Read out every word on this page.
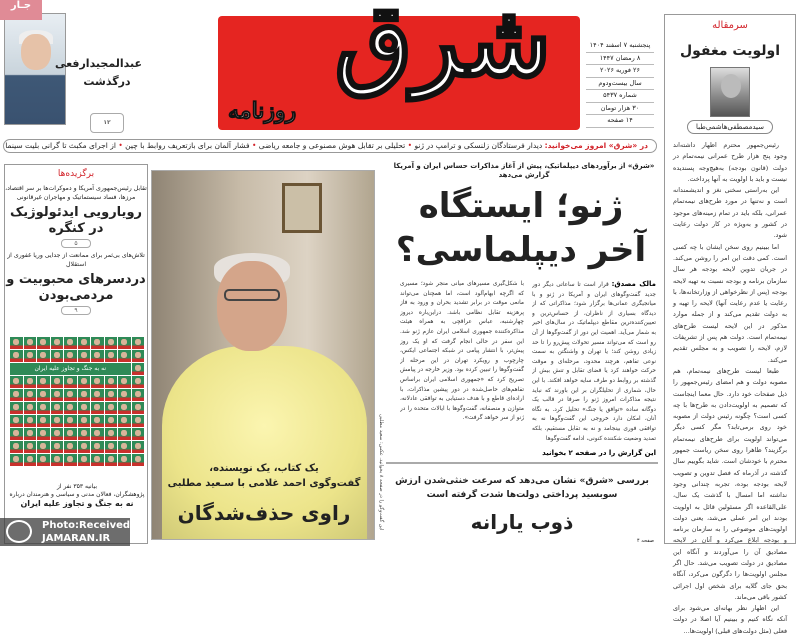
شرق
روزنامه
پنجشنبه ۷ اسفند ۱۴۰۴
۸ رمضان ۱۴۴۷
۲۶ فوریه ۲۰۲۶
سال بیست‌ودوم
شماره ۵۴۳۷
۳۰ هزار تومان
۱۴ صفحه
جـار
عبدالمجیدارفعی
درگذشت
۱۲
سرمقاله
اولویت مغفول
سیدمصطفی‌هاشمی‌طبا

رئیس‌جمهور محترم اظهار داشته‌اند وجود پنج هزار طرح عمرانی نیمه‌تمام در دولت (قانون بودجه) به‌هیچ‌وجه پسندیده نیست و باید با اولویت به آنها پرداخت.

این به‌راستی سخنی نغز و اندیشمندانه است و نه‌تنها در مورد طرح‌های نیمه‌تمام عمرانی، بلکه باید در تمام زمینه‌های موجود در کشور و به‌ویژه در کار دولت رعایت شود.

اما ببینیم روی سخن ایشان با چه کسی است. کمی دقت این امر را روشن می‌کند. در جریان تدوین لایحه بودجه هر سال سازمان برنامه و بودجه نسبت به تهیه لایحه بودجه (پس از نظرخواهی از وزارتخانه‌ها، با رعایت یا عدم رعایت آنها) لایحه را تهیه و به دولت تقدیم می‌کند و از جمله موارد مذکور در این لایحه لیست طرح‌های نیمه‌تمام است. دولت هم پس از تشریفات لازم، لایحه را تصویب و به مجلس تقدیم می‌کند.

طبعا لیست طرح‌های نیمه‌تمام، هم مصوبه دولت و هم امضای رئیس‌جمهور را ذیل صفحات خود دارد. حال معما اینجاست که تصمیم به اولویت‌دادن به طرح‌ها با چه کسی است؟ چگونه رئیس دولت از مصوبه خود روی برمی‌تابد؟ مگر کسی دیگر می‌تواند اولویت برای طرح‌های نیمه‌تمام برگزیند؟ ظاهرا روی سخن ریاست جمهور محترم با خودشان است. شاید بگوییم سال گذشته در آذرماه که فصل تدوین و تصویب لایحه بودجه بوده، تجربه چندانی وجود نداشته اما امسال با گذشت یک سال، علی‌القاعده اگر مسئولین قائل به اولویت بودند این امر عملی می‌شد، یعنی دولت اولویت‌های موضوعی را به سازمان برنامه و بودجه ابلاغ می‌کرد و آنان در لایحه مصادیق آن را می‌آوردند و آنگاه این مصادیق در دولت تصویب می‌شد. حال اگر مجلس اولویت‌ها را دگرگون می‌کرد، آنگاه بحق جای گلایه برای شخص اول اجرائی کشور باقی می‌ماند.

این اظهار نظر بهانه‌ای می‌شود برای آنکه نگاه کنیم و ببینیم آیا اصلا در دولت فعلی (مثل دولت‌های قبلی) اولویت‌ها...

در «شرق» امروز می‌خوانید: دیدار فرستادگان زلنسکی و ترامپ در ژنو • تحلیلی بر تقابل هوش مصنوعی و جامعه ریاضی • فشار آلمان برای بازتعریف روابط با چین • از اجرای مکبث تا گرانی بلیت سینما
«شرق» از برآوردهای دیپلماتیک، پیش از آغاز مذاکرات حساس ایران و آمریکا گزارش می‌دهد
ژنو؛ ایستگاه آخر دیپلماسی؟
مالک مصدق: قرار است تا ساعاتی دیگر دور جدید گفت‌وگوهای ایران و آمریکا در ژنو و با میانجیگری عمانی‌ها برگزار شود؛ مذاکراتی که از دیدگاه بسیاری از ناظران، از حساس‌ترین و تعیین‌کننده‌ترین مقاطع دیپلماتیک در سال‌های اخیر به شمار می‌آید. اهمیت این دور از گفت‌وگوها از آن رو است که می‌تواند مسیر تحولات پیش‌رو را تا حد زیادی روشن کند؛ یا تهران و واشنگتن به سمت نوعی تفاهم، هرچند محدود، مرحله‌ای و موقت حرکت خواهند کرد یا فضای تقابل و تنش بیش از گذشته بر روابط دو طرف سایه خواهد افکند. با این حال، شماری از تحلیلگران بر این باورند که نباید نتیجه مذاکرات امروز ژنو را صرفا در قالب یک دوگانه ساده «توافق یا جنگ» تحلیل کرد. به نگاه آنان، امکان دارد خروجی این گفت‌وگوها نه به توافقی فوری بینجامد و نه به تقابل مستقیم، بلکه تمدید وضعیت شکننده کنونی، ادامه گفت‌وگوها
با شکل‌گیری مسیرهای میانی منجر شود؛ مسیری که اگرچه ابهام‌آلود است، اما همچنان می‌تواند مانعی موقت در برابر تشدید بحران و ورود به فاز پرهزینه تقابل نظامی باشد. دراین‌باره دیروز چهارشنبه، عباس عراقچی به همراه هیئت مذاکره‌کننده جمهوری اسلامی ایران عازم ژنو شد. این سفر در حالی انجام گرفت که او یک روز پیش‌تر، با انتشار پیامی در شبکه اجتماعی ایکس، چارچوب و رویکرد تهران در این مرحله از گفت‌وگوها را تبیین کرده بود. وزیر خارجه در پیامش تصریح کرد که «جمهوری اسلامی ایران براساس تفاهم‌های حاصل‌شده در دور پیشین مذاکرات، با اراده‌ای قاطع و با هدف دستیابی به توافقی عادلانه، متوازن و منصفانه، گفت‌وگوها با ایالات متحده را در ژنو از سر خواهد گرفت».
این گزارش را در صفحه ۲ بخوانید
این گفت‌وگو را در صفحه ۸ بخوانید. عکس: سعید مطلبی	بررسی «شرق» نشان می‌دهد که سرعت خنثی‌شدن ارزش سوبسید پرداختی دولت‌ها شدت گرفته است
ذوب یارانه
صفحه ۴
یک کتاب، یک نویسنده،
گفت‌وگوی احمد غلامی با سـعید مطلبی
راوی حذف‌شدگان
برگزیده‌ها
تقابل رئیس‌جمهوری آمریکا و دموکرات‌ها بر سر اقتصاد، مرزها، فساد سیستماتیک و مهاجران غیرقانونی
رویارویی ایدئولوژیک در کنگره
۵
تلاش‌های بی‌ثمر برای ممانعت از جدایی وریا غفوری از استقلال
دردسرهای محبوبیت و مردمی‌بودن
۹
نه به جنگ و تجاوز علیه ایران
بیانیه ۳۵۳ نفر از
پژوهشگران، فعالان مدنی و سیاسی و هنرمندان درباره
نه به جنگ و تجاوز علیه ایران
Photo:Received
JAMARAN.IR
